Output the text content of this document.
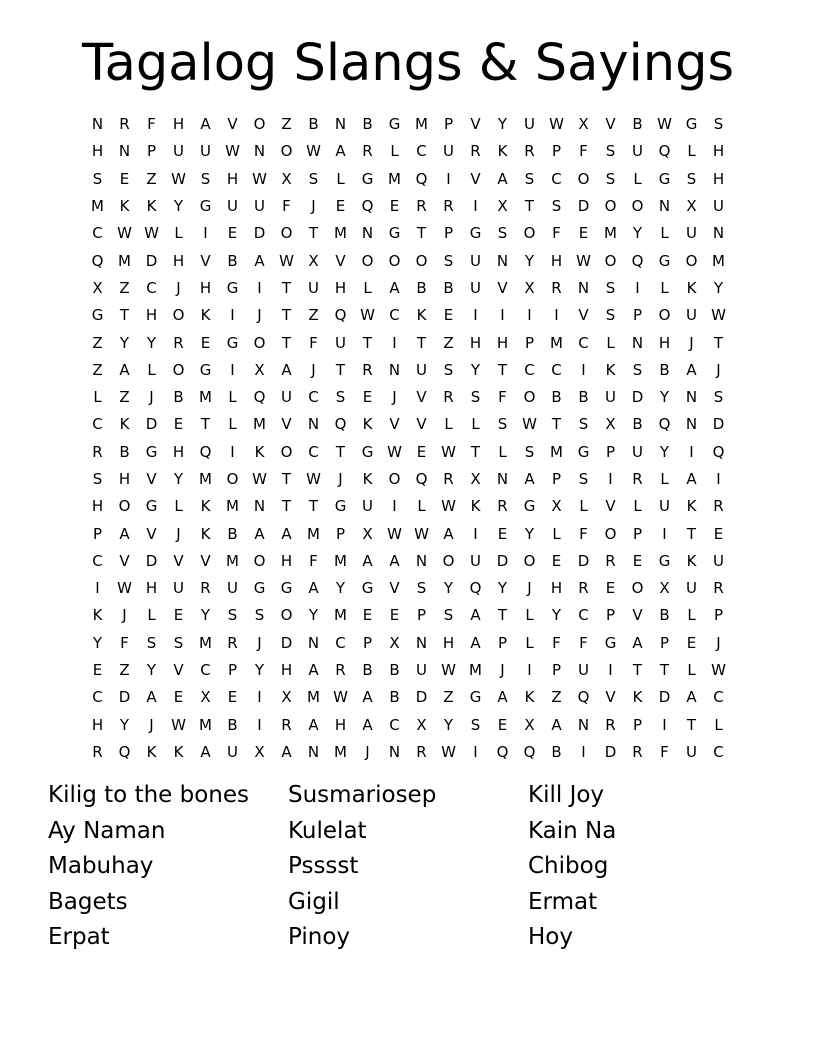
Tagalog Slangs & Sayings
N	R	F	H	A	V	O	Z	B	N	B	G M	P	V	Y	U W X	V	B W G	S
H	N	P	U	U W N	O W A	R	L	C	U	R	K	R	P	F	S	U	Q	L	H
S	E	Z W S	H W X	S	L	G M Q	I	V	A	S	C	O	S	L	G	S	H
M	K	K	Y	G	U	U	F	J	E	Q	E	R	R	I	X	T	S	D	O	O	N	X	U
C W W	L	I	E	D	O	T	M N	G	T	P	G	S	O	F	E	M	Y	L	U	N
Q M D	H	V	B	A W X	V	O	O	O	S	U	N	Y	H W O	Q	G	O M
X	Z	C	J	H	G	I	T	U	H	L	A	B	B	U	V	X	R	N	S	I	L	K	Y
G	T	H	O	K	I	J	T	Z	Q W C	K	E	I	I	I	I	V	S	P	O	U W
Z	Y	Y	R	E	G	O	T	F	U	T	I	T	Z	H	H	P	M	C	L	N	H	J	T
Z	A	L	O	G	I	X	A	J	T	R	N	U	S	Y	T	C	C	I	K	S	B	A	J
L	Z	J	B	M	L	Q	U	C	S	E	J	V	R	S	F	O	B	B	U	D	Y	N	S
C	K	D	E	T	L	M	V	N	Q	K	V	V	L	L	S W T	S	X	B	Q	N	D
R	B	G	H	Q	I	K	O	C	T	G W E W T	L	S	M G	P	U	Y	I	Q
S	H	V	Y	M O W T	W	J	K	O	Q	R	X	N	A	P	S	I	R	L	A	I
H	O	G	L	K	M N	T	T	G	U	I	L	W K	R	G	X	L	V	L	U	K	R
P	A	V	J	K	B	A	A	M	P	X W W A	I	E	Y	L	F	O	P	I	T	E
C	V	D	V	V	M O	H	F	M	A	A	N	O	U	D	O	E	D	R	E	G	K	U
I	W H	U	R	U	G	G	A	Y	G	V	S	Y	Q	Y	J	H	R	E	O	X	U	R
K	J	L	E	Y	S	S	O	Y	M	E	E	P	S	A	T	L	Y	C	P	V	B	L	P
Y	F	S	S	M	R	J	D	N	C	P	X	N	H	A	P	L	F	F	G	A	P	E	J
E	Z	Y	V	C	P	Y	H	A	R	B	B	U W M	J	I	P	U	I	T	T	L	W
C	D	A	E	X	E	I	X	M W A	B	D	Z	G	A	K	Z	Q	V	K	D	A	C
H	Y	J	W M	B	I	R	A	H	A	C	X	Y	S	E	X	A	N	R	P	I	T	L
R	Q	K	K	A	U	X	A	N M	J	N	R W	I	Q	Q	B	I	D	R	F	U	C
Kilig to the bones	Susmariosep	Kill Joy
Ay Naman	Kulelat	Kain Na
Mabuhay	Psssst	Chibog
Bagets	Gigil	Ermat
Erpat	Pinoy	Hoy
